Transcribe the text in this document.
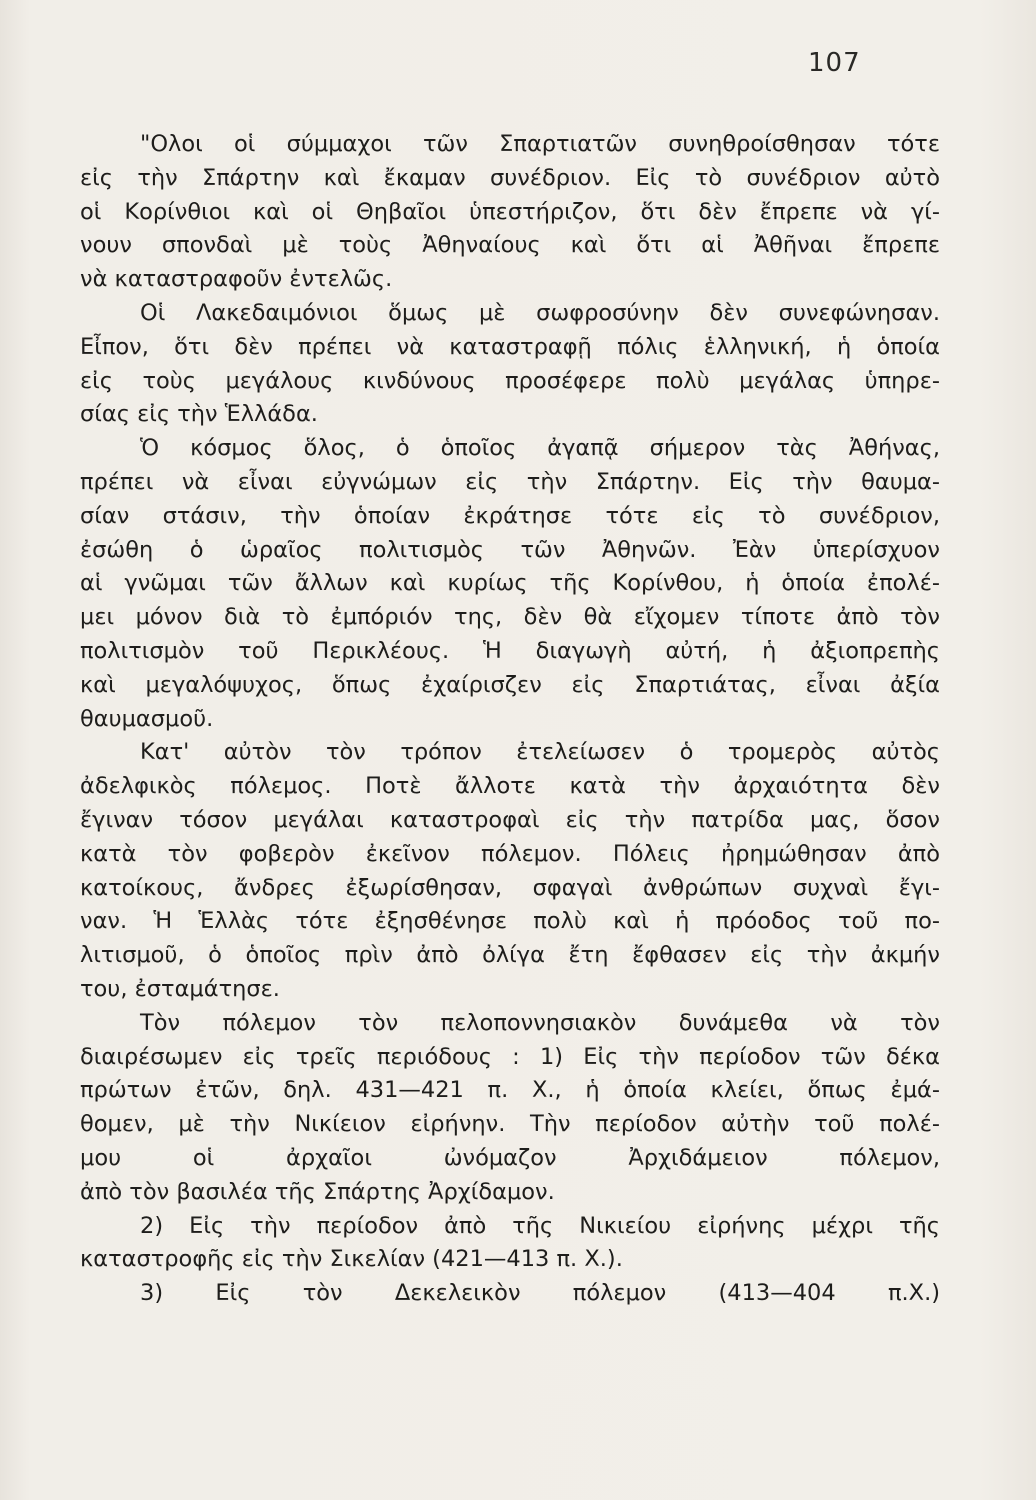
107
"Ολοι οἱ σύμμαχοι τῶν Σπαρτιατῶν συνηθροίσθησαν τότε
εἰς τὴν Σπάρτην καὶ ἔκαμαν συνέδριον. Εἰς τὸ συνέδριον αὐτὸ
οἱ Κορίνθιοι καὶ οἱ Θηβαῖοι ὑπεστήριζον, ὅτι δὲν ἔπρεπε νὰ γί-
νουν σπονδαὶ μὲ τοὺς Ἀθηναίους καὶ ὅτι αἱ Ἀθῆναι ἔπρεπε
νὰ καταστραφοῦν ἐντελῶς.
Οἱ Λακεδαιμόνιοι ὅμως μὲ σωφροσύνην δὲν συνεφώνησαν.
Εἶπον, ὅτι δὲν πρέπει νὰ καταστραφῇ πόλις ἑλληνική, ἡ ὁποία
εἰς τοὺς μεγάλους κινδύνους προσέφερε πολὺ μεγάλας ὑπηρε-
σίας εἰς τὴν Ἑλλάδα.
Ὁ κόσμος ὅλος, ὁ ὁποῖος ἀγαπᾷ σήμερον τὰς Ἀθήνας,
πρέπει νὰ εἶναι εὐγνώμων εἰς τὴν Σπάρτην. Εἰς τὴν θαυμα-
σίαν στάσιν, τὴν ὁποίαν ἐκράτησε τότε εἰς τὸ συνέδριον,
ἐσώθη ὁ ὡραῖος πολιτισμὸς τῶν Ἀθηνῶν. Ἐὰν ὑπερίσχυον
αἱ γνῶμαι τῶν ἄλλων καὶ κυρίως τῆς Κορίνθου, ἡ ὁποία ἐπολέ-
μει μόνον διὰ τὸ ἐμπόριόν της, δὲν θὰ εἴχομεν τίποτε ἀπὸ τὸν
πολιτισμὸν τοῦ Περικλέους. Ἡ διαγωγὴ αὐτή, ἡ ἀξιοπρεπὴς
καὶ μεγαλόψυχος, ὅπως ἐχαίρισζεν εἰς Σπαρτιάτας, εἶναι ἀξία
θαυμασμοῦ.
Κατ' αὐτὸν τὸν τρόπον ἐτελείωσεν ὁ τρομερὸς αὐτὸς
ἀδελφικὸς πόλεμος. Ποτὲ ἄλλοτε κατὰ τὴν ἀρχαιότητα δὲν
ἔγιναν τόσον μεγάλαι καταστροφαὶ εἰς τὴν πατρίδα μας, ὅσον
κατὰ τὸν φοβερὸν ἐκεῖνον πόλεμον. Πόλεις ἠρημώθησαν ἀπὸ
κατοίκους, ἄνδρες ἐξωρίσθησαν, σφαγαὶ ἀνθρώπων συχναὶ ἔγι-
ναν. Ἡ Ἑλλὰς τότε ἐξησθένησε πολὺ καὶ ἡ πρόοδος τοῦ πο-
λιτισμοῦ, ὁ ὁποῖος πρὶν ἀπὸ ὀλίγα ἔτη ἔφθασεν εἰς τὴν ἀκμήν
του, ἐσταμάτησε.
Τὸν πόλεμον τὸν πελοποννησιακὸν δυνάμεθα νὰ τὸν
διαιρέσωμεν εἰς τρεῖς περιόδους : 1) Εἰς τὴν περίοδον τῶν δέκα
πρώτων ἐτῶν, δηλ. 431—421 π. Χ., ἡ ὁποία κλείει, ὅπως ἐμά-
θομεν, μὲ τὴν Νικίειον εἰρήνην. Τὴν περίοδον αὐτὴν τοῦ πολέ-
μου οἱ ἀρχαῖοι ὠνόμαζον Ἀρχιδάμειον πόλεμον,
ἀπὸ τὸν βασιλέα τῆς Σπάρτης Ἀρχίδαμον.
2) Εἰς τὴν περίοδον ἀπὸ τῆς Νικιείου εἰρήνης μέχρι τῆς
καταστροφῆς εἰς τὴν Σικελίαν (421—413 π. Χ.).
3) Εἰς τὸν Δεκελεικὸν πόλεμον (413—404 π.Χ.)
